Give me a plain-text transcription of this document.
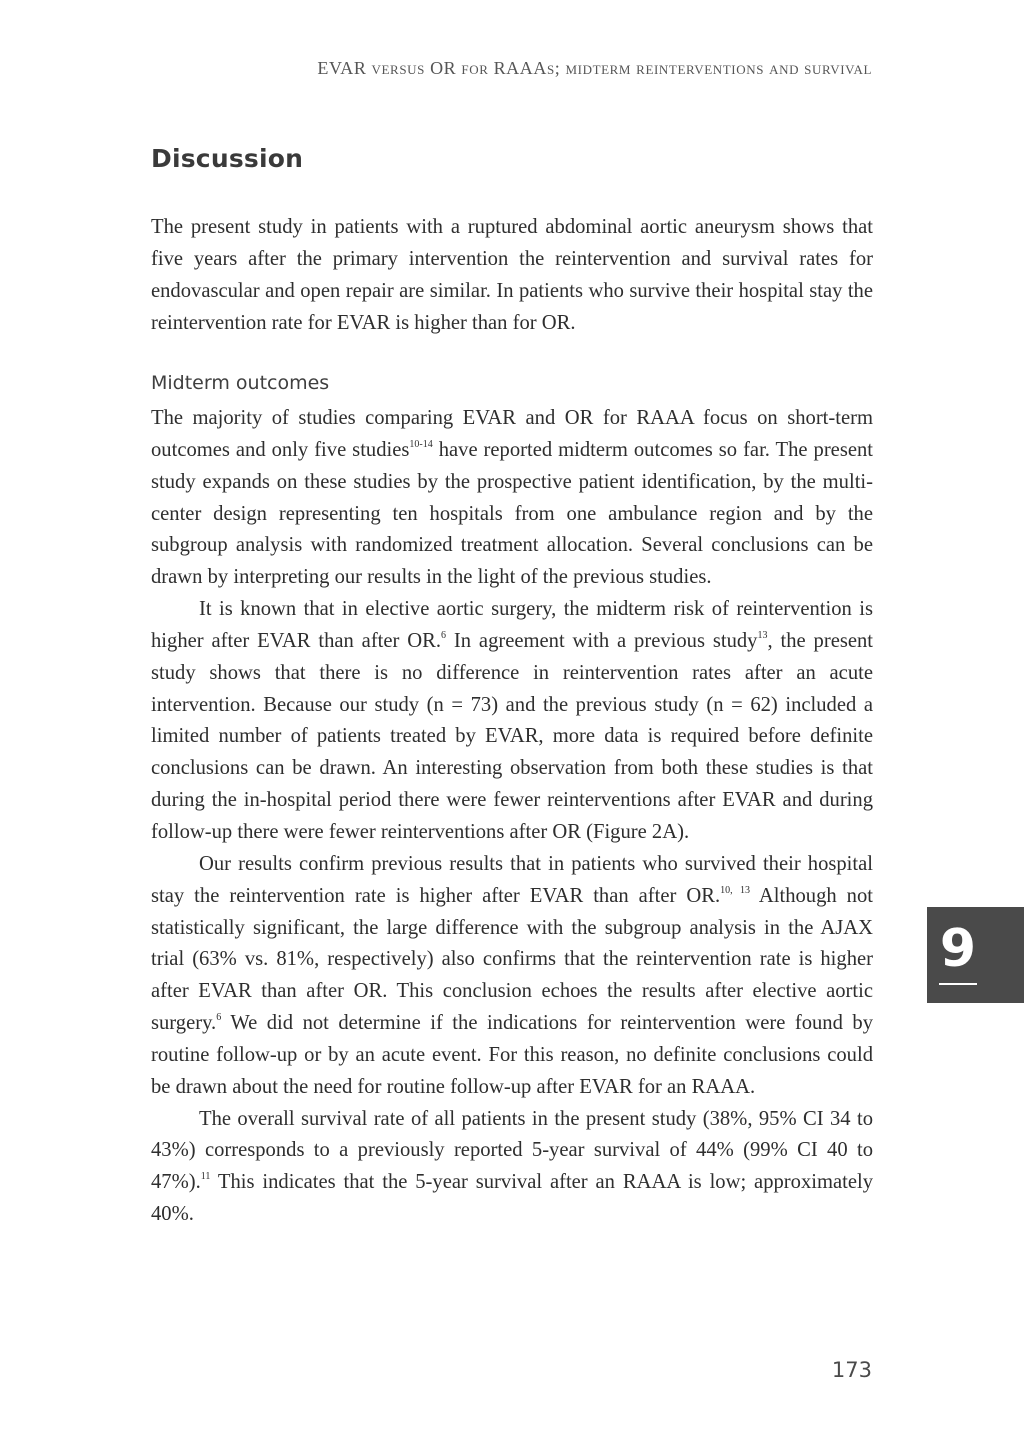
EVAR versus OR for RAAAs; midterm reinterventions and survival
Discussion

The present study in patients with a ruptured abdominal aortic aneurysm shows that five years after the primary intervention the reintervention and survival rates for endovascular and open repair are similar. In patients who survive their hospital stay the reintervention rate for EVAR is higher than for OR.

Midterm outcomes

The majority of studies comparing EVAR and OR for RAAA focus on short-term outcomes and only five studies$^{10-14}$ have reported midterm outcomes so far. The present study expands on these studies by the prospective patient identification, by the multi-center design representing ten hospitals from one ambulance region and by the subgroup analysis with randomized treatment allocation. Several conclusions can be drawn by interpreting our results in the light of the previous studies.

It is known that in elective aortic surgery, the midterm risk of reintervention is higher after EVAR than after OR.$^6$ In agreement with a previous study$^{13}$, the present study shows that there is no difference in reintervention rates after an acute intervention. Because our study (n = 73) and the previous study (n = 62) included a limited number of patients treated by EVAR, more data is required before definite conclusions can be drawn. An interesting observation from both these studies is that during the in-hospital period there were fewer reinterventions after EVAR and during follow-up there were fewer reinterventions after OR (Figure 2A).

Our results confirm previous results that in patients who survived their hospital stay the reintervention rate is higher after EVAR than after OR.$^{10, 13}$ Although not statistically significant, the large difference with the subgroup analysis in the AJAX trial (63% vs. 81%, respectively) also confirms that the reintervention rate is higher after EVAR than after OR. This conclusion echoes the results after elective aortic surgery.$^6$ We did not determine if the indications for reintervention were found by routine follow-up or by an acute event. For this reason, no definite conclusions could be drawn about the need for routine follow-up after EVAR for an RAAA.

The overall survival rate of all patients in the present study (38%, 95% CI 34 to 43%) corresponds to a previously reported 5-year survival of 44% (99% CI 40 to 47%).$^{11}$ This indicates that the 5-year survival after an RAAA is low; approximately 40%.

9
173
